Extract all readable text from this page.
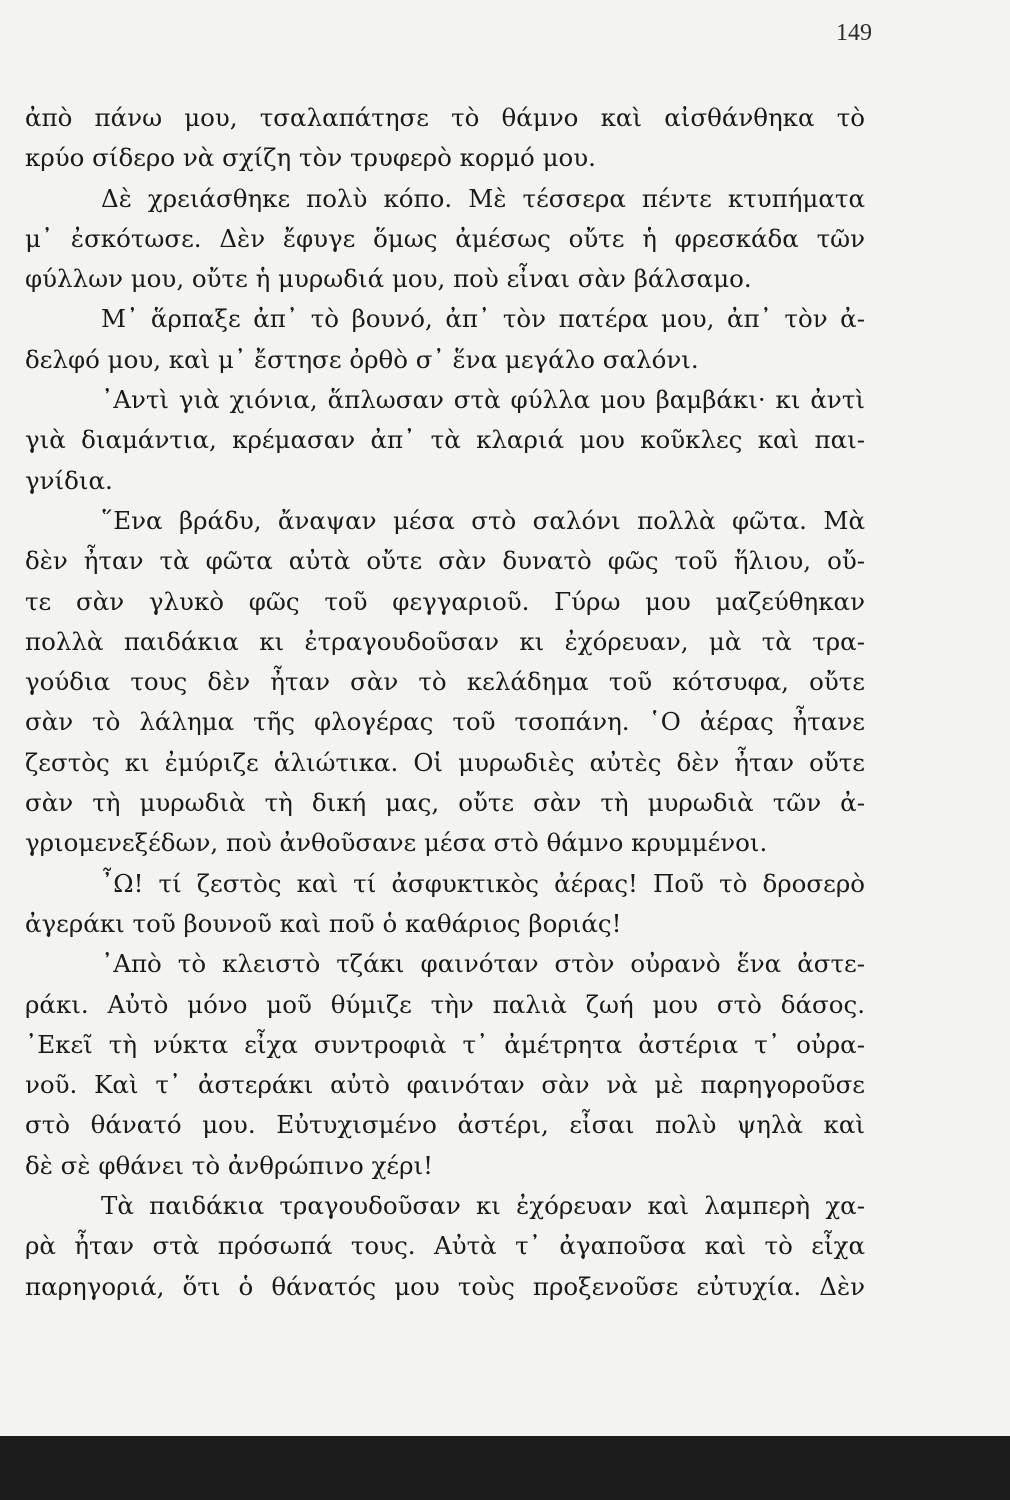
149
ἀπὸ πάνω μου, τσαλαπάτησε τὸ θάμνο καὶ αἰσθάνθηκα τὸ
κρύο σίδερο νὰ σχίζη τὸν τρυφερὸ κορμό μου.
Δὲ χρειάσθηκε πολὺ κόπο. Μὲ τέσσερα πέντε κτυπήματα
μ᾽ ἐσκότωσε. Δὲν ἔφυγε ὅμως ἀμέσως οὔτε ἡ φρεσκάδα τῶν
φύλλων μου, οὔτε ἡ μυρωδιά μου, ποὺ εἶναι σὰν βάλσαμο.
Μ᾽ ἅρπαξε ἀπ᾽ τὸ βουνό, ἀπ᾽ τὸν πατέρα μου, ἀπ᾽ τὸν ἀ-
δελφό μου, καὶ μ᾽ ἔστησε ὀρθὸ σ᾽ ἕνα μεγάλο σαλόνι.
᾽Αντὶ γιὰ χιόνια, ἅπλωσαν στὰ φύλλα μου βαμβάκι· κι ἀντὶ
γιὰ διαμάντια, κρέμασαν ἀπ᾽ τὰ κλαριά μου κοῦκλες καὶ παι-
γνίδια.
῞Ενα βράδυ, ἄναψαν μέσα στὸ σαλόνι πολλὰ φῶτα. Μὰ
δὲν ἦταν τὰ φῶτα αὐτὰ οὔτε σὰν δυνατὸ φῶς τοῦ ἥλιου, οὔ-
τε σὰν γλυκὸ φῶς τοῦ φεγγαριοῦ. Γύρω μου μαζεύθηκαν
πολλὰ παιδάκια κι ἐτραγουδοῦσαν κι ἐχόρευαν, μὰ τὰ τρα-
γούδια τους δὲν ἦταν σὰν τὸ κελάδημα τοῦ κότσυφα, οὔτε
σὰν τὸ λάλημα τῆς φλογέρας τοῦ τσοπάνη. ῾Ο ἀέρας ἦτανε
ζεστὸς κι ἐμύριζε ἁλιώτικα. Οἱ μυρωδιὲς αὐτὲς δὲν ἦταν οὔτε
σὰν τὴ μυρωδιὰ τὴ δική μας, οὔτε σὰν τὴ μυρωδιὰ τῶν ἀ-
γριομενεξέδων, ποὺ ἀνθοῦσανε μέσα στὸ θάμνο κρυμμένοι.
῏Ω! τί ζεστὸς καὶ τί ἀσφυκτικὸς ἀέρας! Ποῦ τὸ δροσερὸ
ἀγεράκι τοῦ βουνοῦ καὶ ποῦ ὁ καθάριος βοριάς!
᾽Απὸ τὸ κλειστὸ τζάκι φαινόταν στὸν οὐρανὸ ἕνα ἀστε-
ράκι. Αὐτὸ μόνο μοῦ θύμιζε τὴν παλιὰ ζωή μου στὸ δάσος.
᾽Εκεῖ τὴ νύκτα εἶχα συντροφιὰ τ᾽ ἀμέτρητα ἀστέρια τ᾽ οὐρα-
νοῦ. Καὶ τ᾽ ἀστεράκι αὐτὸ φαινόταν σὰν νὰ μὲ παρηγοροῦσε
στὸ θάνατό μου. Εὐτυχισμένο ἀστέρι, εἶσαι πολὺ ψηλὰ καὶ
δὲ σὲ φθάνει τὸ ἀνθρώπινο χέρι!
Τὰ παιδάκια τραγουδοῦσαν κι ἐχόρευαν καὶ λαμπερὴ χα-
ρὰ ἦταν στὰ πρόσωπά τους. Αὐτὰ τ᾽ ἀγαποῦσα καὶ τὸ εἶχα
παρηγοριά, ὅτι ὁ θάνατός μου τοὺς προξενοῦσε εὐτυχία. Δὲν
